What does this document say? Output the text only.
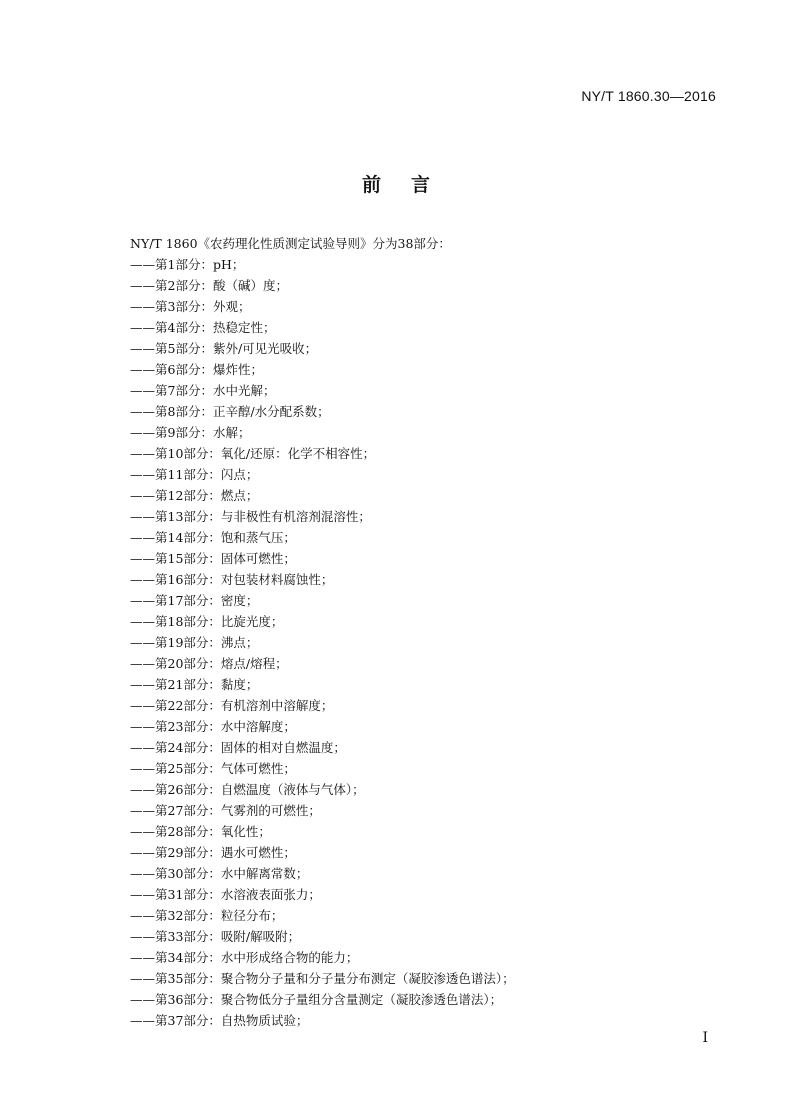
NY/T 1860.30—2016
前言
NY/T 1860《农药理化性质测定试验导则》分为38部分：
——第1部分：pH；
——第2部分：酸（碱）度；
——第3部分：外观；
——第4部分：热稳定性；
——第5部分：紫外/可见光吸收；
——第6部分：爆炸性；
——第7部分：水中光解；
——第8部分：正辛醇/水分配系数；
——第9部分：水解；
——第10部分：氧化/还原：化学不相容性；
——第11部分：闪点；
——第12部分：燃点；
——第13部分：与非极性有机溶剂混溶性；
——第14部分：饱和蒸气压；
——第15部分：固体可燃性；
——第16部分：对包装材料腐蚀性；
——第17部分：密度；
——第18部分：比旋光度；
——第19部分：沸点；
——第20部分：熔点/熔程；
——第21部分：黏度；
——第22部分：有机溶剂中溶解度；
——第23部分：水中溶解度；
——第24部分：固体的相对自燃温度；
——第25部分：气体可燃性；
——第26部分：自燃温度（液体与气体）；
——第27部分：气雾剂的可燃性；
——第28部分：氧化性；
——第29部分：遇水可燃性；
——第30部分：水中解离常数；
——第31部分：水溶液表面张力；
——第32部分：粒径分布；
——第33部分：吸附/解吸附；
——第34部分：水中形成络合物的能力；
——第35部分：聚合物分子量和分子量分布测定（凝胶渗透色谱法）；
——第36部分：聚合物低分子量组分含量测定（凝胶渗透色谱法）；
——第37部分：自热物质试验；
I
